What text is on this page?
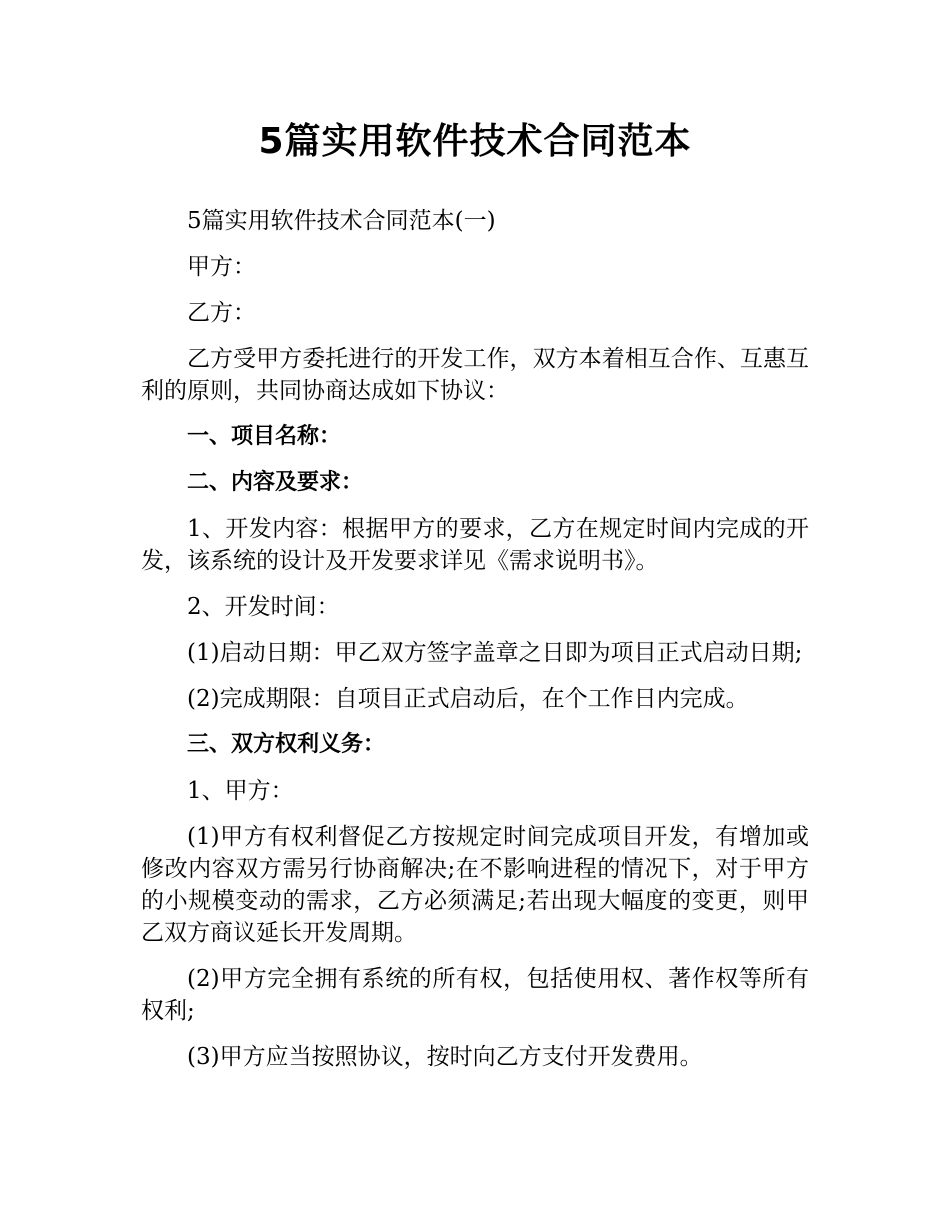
5篇实用软件技术合同范本

5篇实用软件技术合同范本(一)

甲方：

乙方：

乙方受甲方委托进行的开发工作，双方本着相互合作、互惠互利的原则，共同协商达成如下协议：

一、项目名称：

二、内容及要求：

1、开发内容：根据甲方的要求，乙方在规定时间内完成的开发，该系统的设计及开发要求详见《需求说明书》。

2、开发时间：

(1)启动日期：甲乙双方签字盖章之日即为项目正式启动日期;

(2)完成期限：自项目正式启动后，在个工作日内完成。

三、双方权利义务：

1、甲方：

(1)甲方有权利督促乙方按规定时间完成项目开发，有增加或修改内容双方需另行协商解决;在不影响进程的情况下，对于甲方的小规模变动的需求，乙方必须满足;若出现大幅度的变更，则甲乙双方商议延长开发周期。

(2)甲方完全拥有系统的所有权，包括使用权、著作权等所有权利;

(3)甲方应当按照协议，按时向乙方支付开发费用。
